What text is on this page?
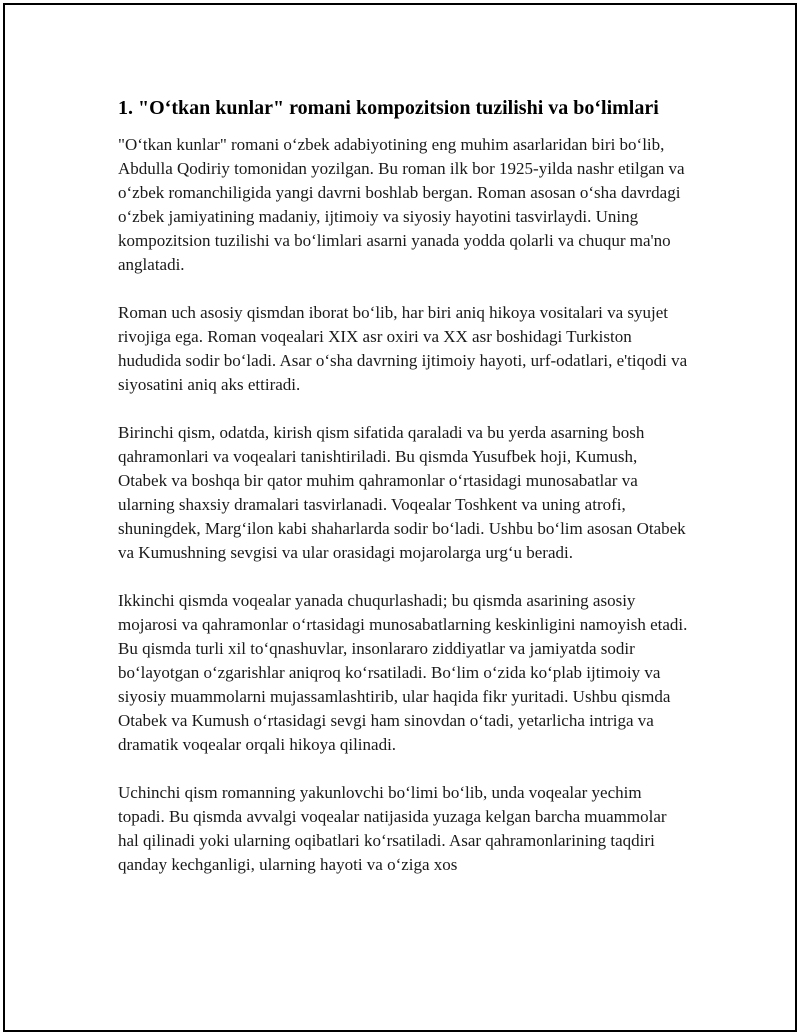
1. "O‘tkan kunlar" romani kompozitsion tuzilishi va bo‘limlari

"O‘tkan kunlar" romani o‘zbek adabiyotining eng muhim asarlaridan biri bo‘lib, Abdulla Qodiriy tomonidan yozilgan. Bu roman ilk bor 1925-yilda nashr etilgan va o‘zbek romanchiligida yangi davrni boshlab bergan. Roman asosan o‘sha davrdagi o‘zbek jamiyatining madaniy, ijtimoiy va siyosiy hayotini tasvirlaydi. Uning kompozitsion tuzilishi va bo‘limlari asarni yanada yodda qolarli va chuqur ma'no anglatadi.

Roman uch asosiy qismdan iborat bo‘lib, har biri aniq hikoya vositalari va syujet rivojiga ega. Roman voqealari XIX asr oxiri va XX asr boshidagi Turkiston hududida sodir bo‘ladi. Asar o‘sha davrning ijtimoiy hayoti, urf-odatlari, e'tiqodi va siyosatini aniq aks ettiradi.

Birinchi qism, odatda, kirish qism sifatida qaraladi va bu yerda asarning bosh qahramonlari va voqealari tanishtiriladi. Bu qismda Yusufbek hoji, Kumush, Otabek va boshqa bir qator muhim qahramonlar o‘rtasidagi munosabatlar va ularning shaxsiy dramalari tasvirlanadi. Voqealar Toshkent va uning atrofi, shuningdek, Marg‘ilon kabi shaharlarda sodir bo‘ladi. Ushbu bo‘lim asosan Otabek va Kumushning sevgisi va ular orasidagi mojarolarga urg‘u beradi.

Ikkinchi qismda voqealar yanada chuqurlashadi; bu qismda asarining asosiy mojarosi va qahramonlar o‘rtasidagi munosabatlarning keskinligini namoyish etadi. Bu qismda turli xil to‘qnashuvlar, insonlararo ziddiyatlar va jamiyatda sodir bo‘layotgan o‘zgarishlar aniqroq ko‘rsatiladi. Bo‘lim o‘zida ko‘plab ijtimoiy va siyosiy muammolarni mujassamlashtirib, ular haqida fikr yuritadi. Ushbu qismda Otabek va Kumush o‘rtasidagi sevgi ham sinovdan o‘tadi, yetarlicha intriga va dramatik voqealar orqali hikoya qilinadi.

Uchinchi qism romanning yakunlovchi bo‘limi bo‘lib, unda voqealar yechim topadi. Bu qismda avvalgi voqealar natijasida yuzaga kelgan barcha muammolar hal qilinadi yoki ularning oqibatlari ko‘rsatiladi. Asar qahramonlarining taqdiri qanday kechganligi, ularning hayoti va o‘ziga xos
